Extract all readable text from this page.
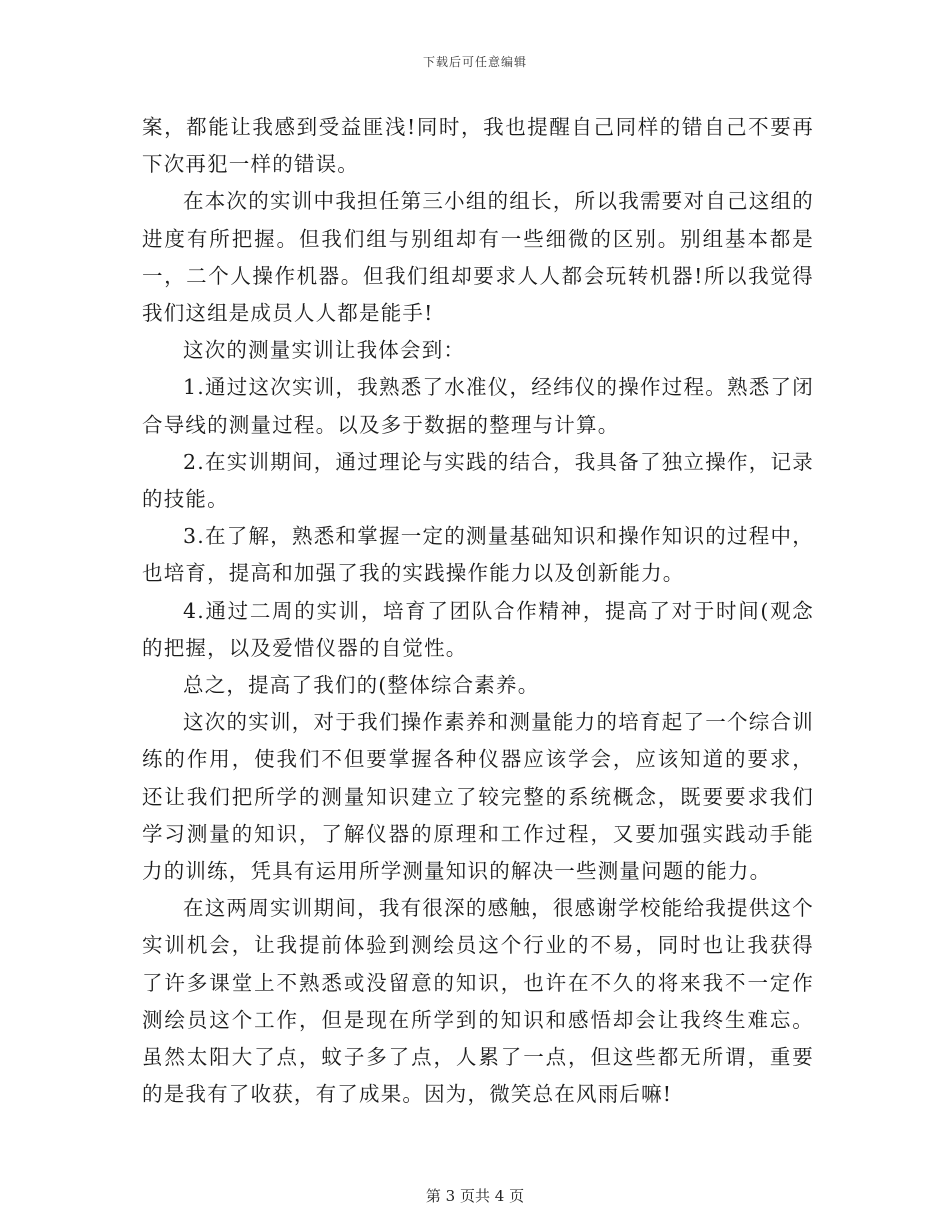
下载后可任意编辑

案，都能让我感到受益匪浅!同时，我也提醒自己同样的错自己不要再下次再犯一样的错误。

在本次的实训中我担任第三小组的组长，所以我需要对自己这组的进度有所把握。但我们组与别组却有一些细微的区别。别组基本都是一，二个人操作机器。但我们组却要求人人都会玩转机器!所以我觉得我们这组是成员人人都是能手!

这次的测量实训让我体会到：

1.通过这次实训，我熟悉了水准仪，经纬仪的操作过程。熟悉了闭合导线的测量过程。以及多于数据的整理与计算。

2.在实训期间，通过理论与实践的结合，我具备了独立操作，记录的技能。

3.在了解，熟悉和掌握一定的测量基础知识和操作知识的过程中，也培育，提高和加强了我的实践操作能力以及创新能力。

4.通过二周的实训，培育了团队合作精神，提高了对于时间(观念的把握，以及爱惜仪器的自觉性。

总之，提高了我们的(整体综合素养。

这次的实训，对于我们操作素养和测量能力的培育起了一个综合训练的作用，使我们不但要掌握各种仪器应该学会，应该知道的要求，还让我们把所学的测量知识建立了较完整的系统概念，既要要求我们学习测量的知识，了解仪器的原理和工作过程，又要加强实践动手能力的训练，凭具有运用所学测量知识的解决一些测量问题的能力。

在这两周实训期间，我有很深的感触，很感谢学校能给我提供这个实训机会，让我提前体验到测绘员这个行业的不易，同时也让我获得了许多课堂上不熟悉或没留意的知识，也许在不久的将来我不一定作测绘员这个工作，但是现在所学到的知识和感悟却会让我终生难忘。虽然太阳大了点，蚊子多了点，人累了一点，但这些都无所谓，重要的是我有了收获，有了成果。因为，微笑总在风雨后嘛!

第 3 页共 4 页
